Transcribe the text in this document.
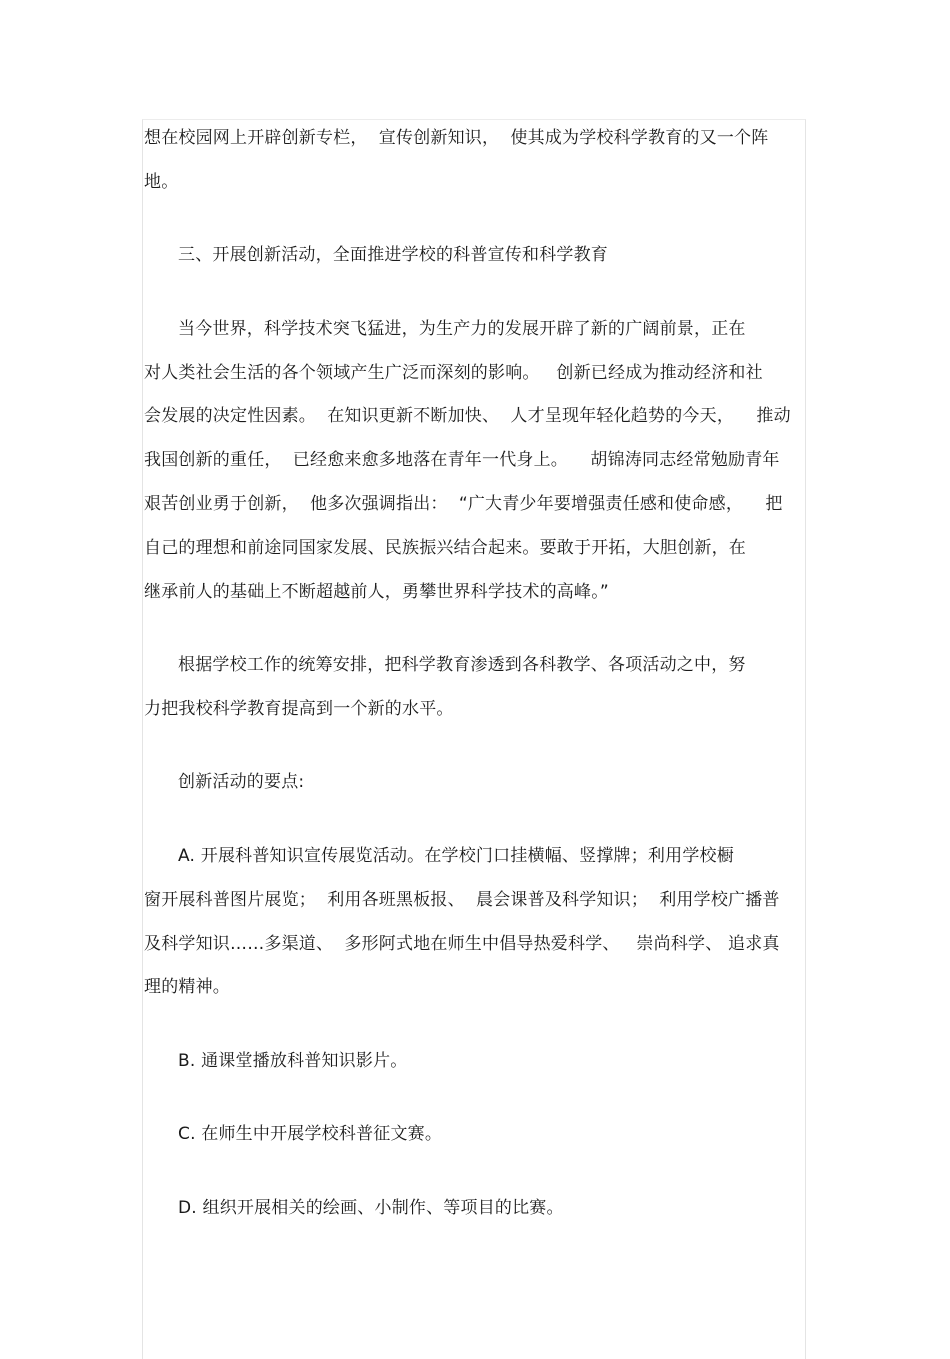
想在校园网上开辟创新专栏，  宣传创新知识，  使其成为学校科学教育的又一个阵
地。
三、开展创新活动，全面推进学校的科普宣传和科学教育
当今世界，科学技术突飞猛进，为生产力的发展开辟了新的广阔前景，正在
对人类社会生活的各个领域产生广泛而深刻的影响。   创新已经成为推动经济和社
会发展的决定性因素。  在知识更新不断加快、  人才呈现年轻化趋势的今天，    推动
我国创新的重任，  已经愈来愈多地落在青年一代身上。    胡锦涛同志经常勉励青年
艰苦创业勇于创新，  他多次强调指出：  “广大青少年要增强责任感和使命感，    把
自己的理想和前途同国家发展、民族振兴结合起来。要敢于开拓，大胆创新，在
继承前人的基础上不断超越前人，勇攀世界科学技术的高峰。”
根据学校工作的统筹安排，把科学教育渗透到各科教学、各项活动之中，努
力把我校科学教育提高到一个新的水平。
创新活动的要点:
A. 开展科普知识宣传展览活动。在学校门口挂横幅、竖撑牌；利用学校橱
窗开展科普图片展览；  利用各班黑板报、  晨会课普及科学知识；  利用学校广播普
及科学知识……多渠道、  多形阿式地在师生中倡导热爱科学、   崇尚科学、 追求真
理的精神。
B. 通课堂播放科普知识影片。
C. 在师生中开展学校科普征文赛。
D. 组织开展相关的绘画、小制作、等项目的比赛。
